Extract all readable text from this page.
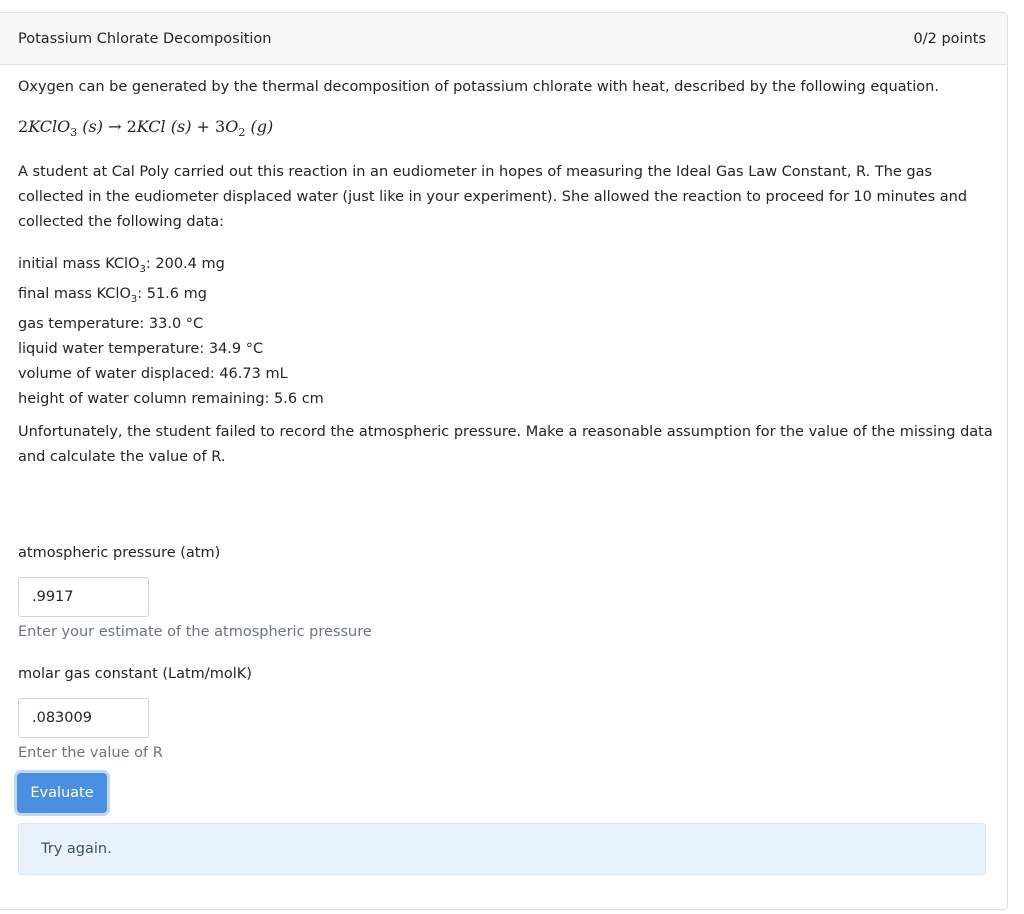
Potassium Chlorate Decomposition	0/2 points

Oxygen can be generated by the thermal decomposition of potassium chlorate with heat, described by the following equation.

2KClO$_3$ (s) → 2KCl $(s) + 3O_2$ (g)

A student at Cal Poly carried out this reaction in an eudiometer in hopes of measuring the Ideal Gas Law Constant, R. The gas collected in the eudiometer displaced water (just like in your experiment). She allowed the reaction to proceed for 10 minutes and collected the following data:

initial mass KClO$_3$: 200.4 mg
final mass KClO$_3$: 51.6 mg
gas temperature: 33.0 °C
liquid water temperature: 34.9 °C
volume of water displaced: 46.73 mL
height of water column remaining: 5.6 cm

Unfortunately, the student failed to record the atmospheric pressure. Make a reasonable assumption for the value of the missing data and calculate the value of R.

atmospheric pressure (atm)
.9917
Enter your estimate of the atmospheric pressure
molar gas constant (Latm/molK)
.083009
Enter the value of R
Evaluate
Try again.
